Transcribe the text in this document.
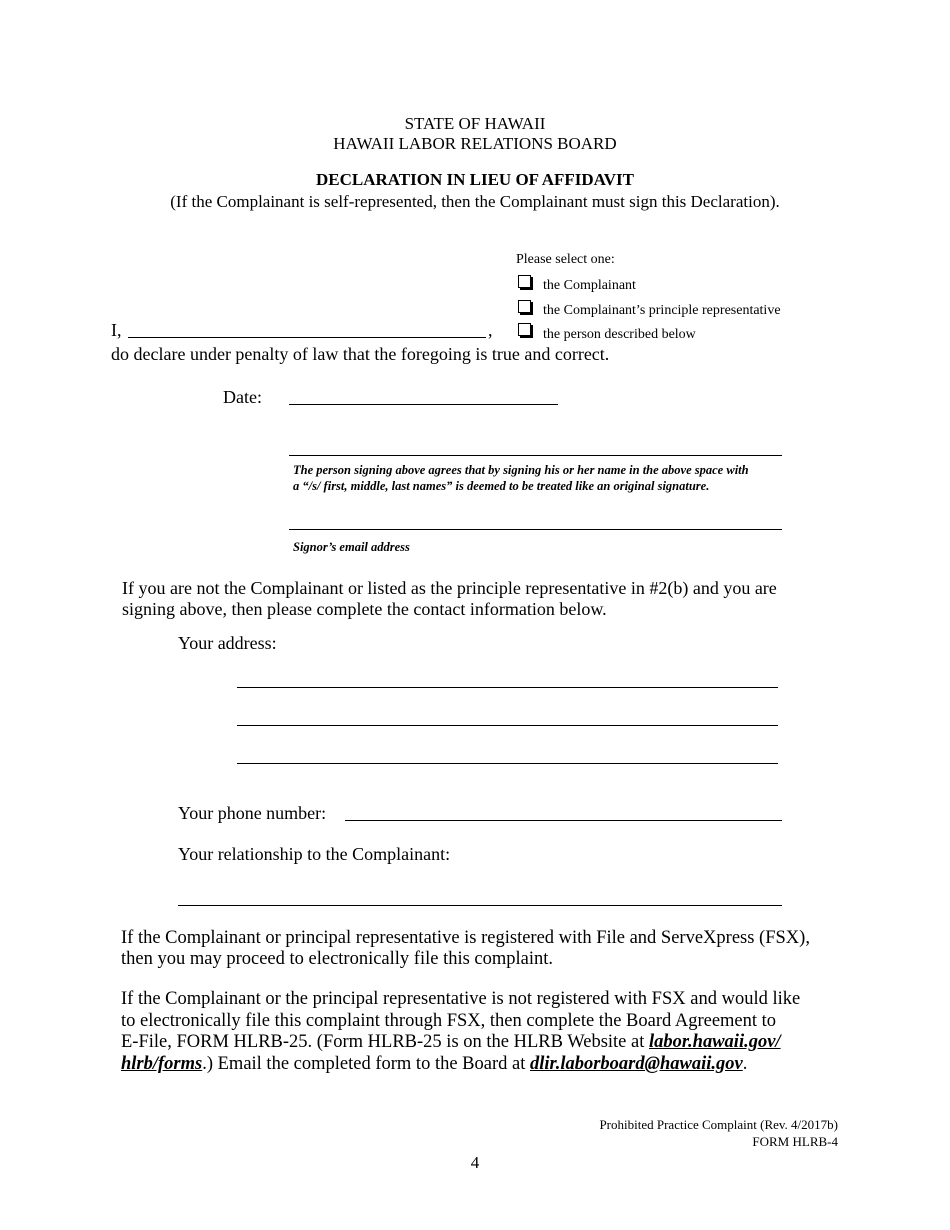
STATE OF HAWAII
HAWAII LABOR RELATIONS BOARD
DECLARATION IN LIEU OF AFFIDAVIT
(If the Complainant is self-represented, then the Complainant must sign this Declaration).
Please select one:
the Complainant
the Complainant’s principle representative
the person described below
I,	,
do declare under penalty of law that the foregoing is true and correct.
Date:
The person signing above agrees that by signing his or her name in the above space with
a “/s/ first, middle, last names” is deemed to be treated like an original signature.
Signor’s email address
If you are not the Complainant or listed as the principle representative in #2(b) and you are
signing above, then please complete the contact information below.
Your address:
Your phone number:
Your relationship to the Complainant:
If the Complainant or principal representative is registered with File and ServeXpress (FSX),
then you may proceed to electronically file this complaint.
If the Complainant or the principal representative is not registered with FSX and would like
to electronically file this complaint through FSX, then complete the Board Agreement to
E-File, FORM HLRB-25. (Form HLRB-25 is on the HLRB Website at labor.hawaii.gov/
hlrb/forms.) Email the completed form to the Board at dlir.laborboard@hawaii.gov.
Prohibited Practice Complaint (Rev. 4/2017b)
FORM HLRB-4
4
